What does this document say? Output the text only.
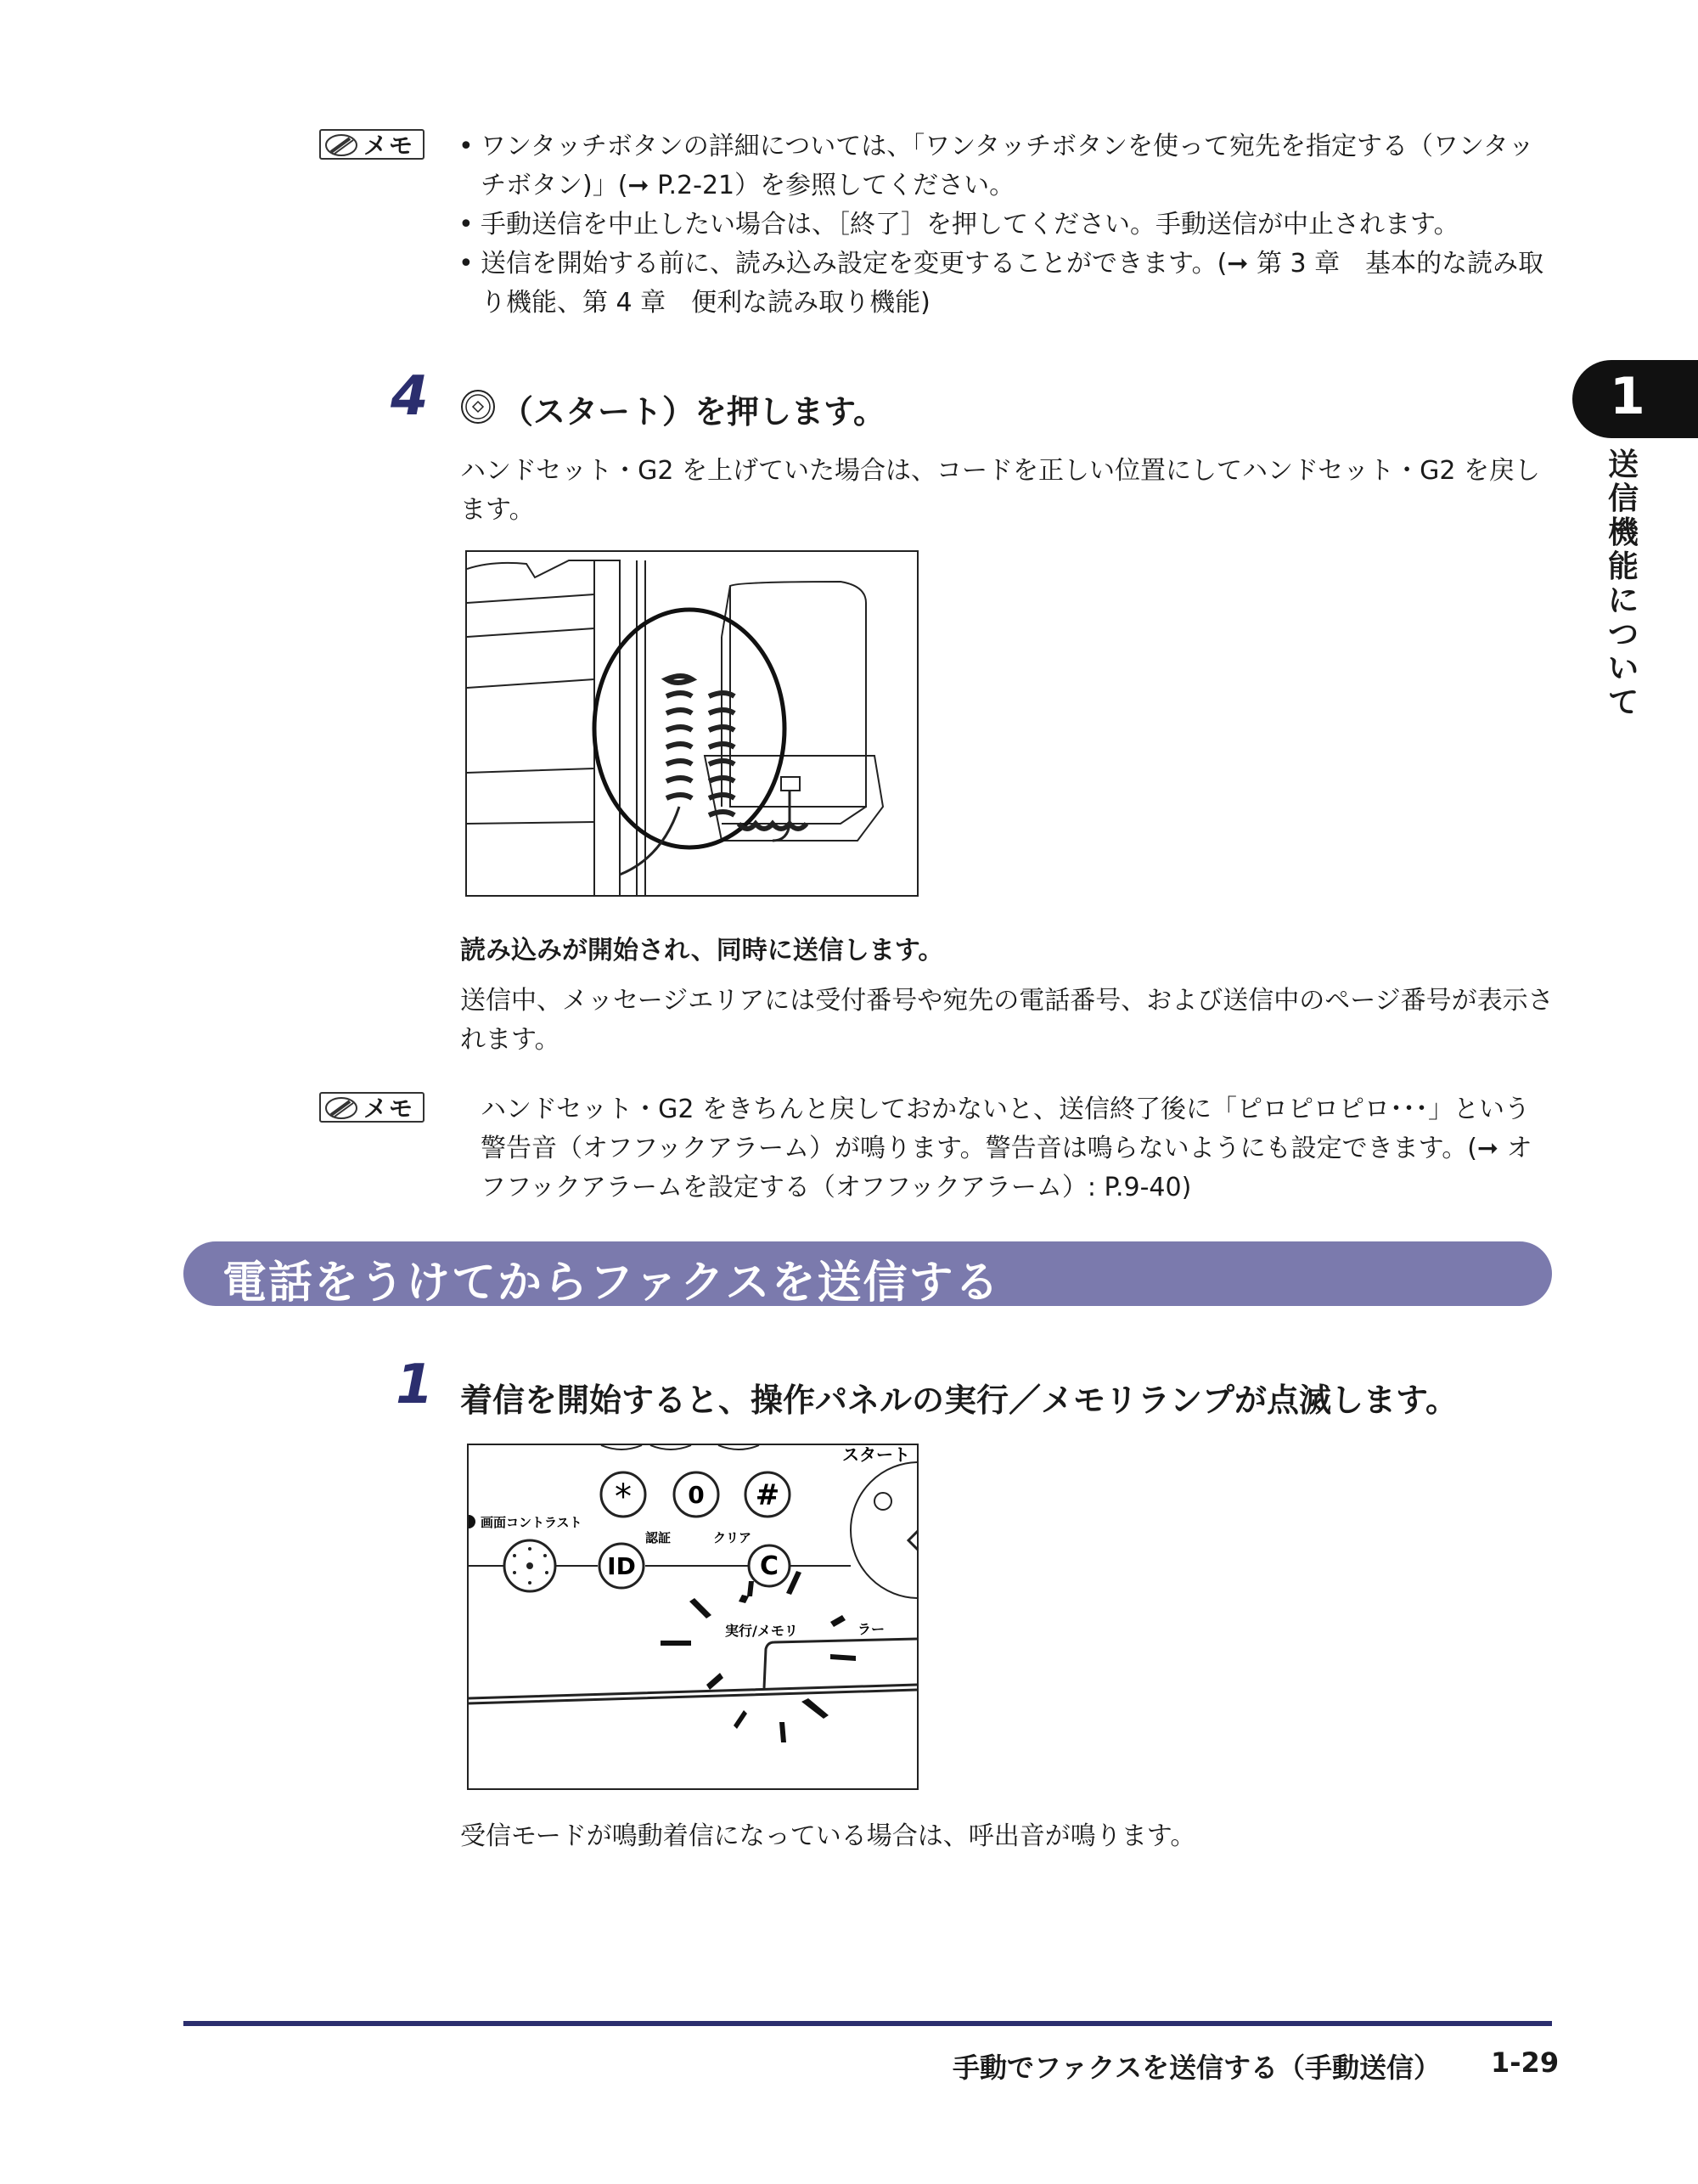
メモ
•	ワンタッチボタンの詳細については、「ワンタッチボタンを使って宛先を指定する（ワンタッチボタン)」(➞ P.2-21）を参照してください。
• 手動送信を中止したい場合は、［終了］を押してください。手動送信が中止されます。
• 送信を開始する前に、読み込み設定を変更することができます。(➞ 第 3 章　基本的な読み取り機能、第 4 章　便利な読み取り機能)
4 （スタート）を押します。
ハンドセット・G2 を上げていた場合は、コードを正しい位置にしてハンドセット・G2 を戻します。
読み込みが開始され、同時に送信します。
送信中、メッセージエリアには受付番号や宛先の電話番号、および送信中のページ番号が表示されます。
メモ	ハンドセット・G2 をきちんと戻しておかないと、送信終了後に「ピロピロピロ･･･」という警告音（オフフックアラーム）が鳴ります。警告音は鳴らないようにも設定できます。(➞ オフフックアラームを設定する（オフフックアラーム）: P.9-40)
電話をうけてからファクスを送信する
1 着信を開始すると、操作パネルの実行／メモリランプが点滅します。
* 0 #
ID	C
スタート
画面コントラスト
認証	クリア
実行/メモリ	ラー
受信モードが鳴動着信になっている場合は、呼出音が鳴ります。
1
送信機能について
手動でファクスを送信する（手動送信） 1-29
